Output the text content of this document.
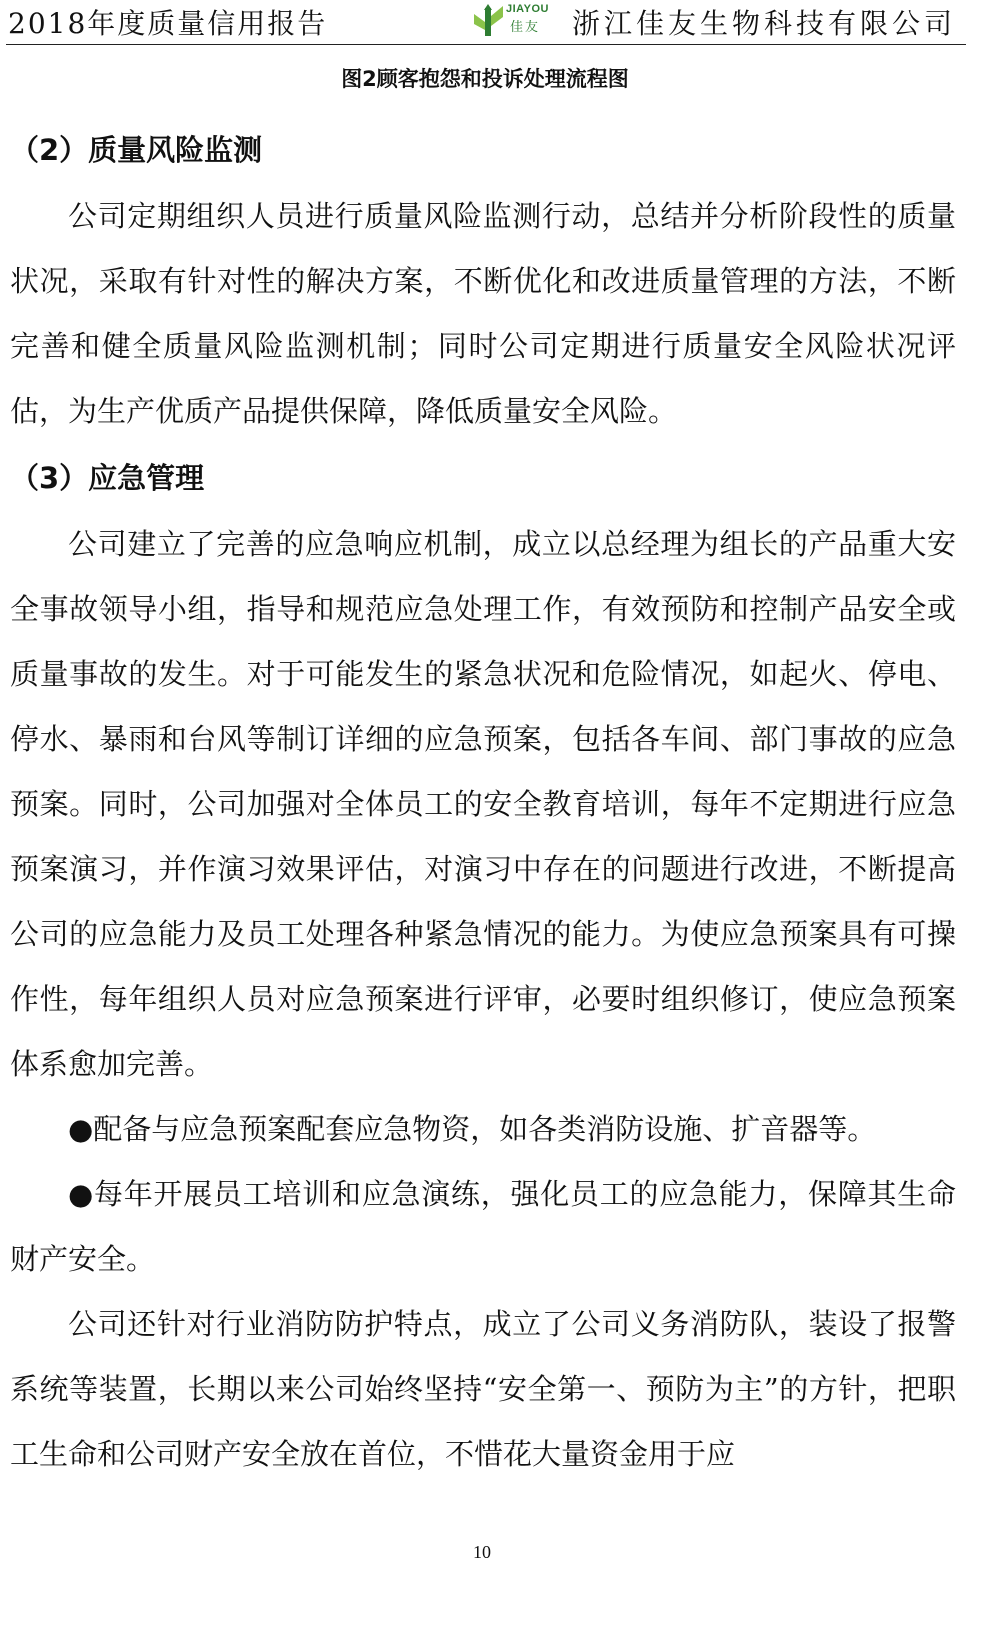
2018年度质量信用报告	JIAYOU
佳友 浙江佳友生物科技有限公司
图2顾客抱怨和投诉处理流程图
（2）质量风险监测

公司定期组织人员进行质量风险监测行动，总结并分析阶段性的质量状况，采取有针对性的解决方案，不断优化和改进质量管理的方法，不断完善和健全质量风险监测机制；同时公司定期进行质量安全风险状况评估，为生产优质产品提供保障，降低质量安全风险。

（3）应急管理

公司建立了完善的应急响应机制，成立以总经理为组长的产品重大安全事故领导小组，指导和规范应急处理工作，有效预防和控制产品安全或质量事故的发生。对于可能发生的紧急状况和危险情况，如起火、停电、停水、暴雨和台风等制订详细的应急预案，包括各车间、部门事故的应急预案。同时，公司加强对全体员工的安全教育培训，每年不定期进行应急预案演习，并作演习效果评估，对演习中存在的问题进行改进，不断提高公司的应急能力及员工处理各种紧急情况的能力。为使应急预案具有可操作性，每年组织人员对应急预案进行评审，必要时组织修订，使应急预案体系愈加完善。

●配备与应急预案配套应急物资，如各类消防设施、扩音器等。

●每年开展员工培训和应急演练，强化员工的应急能力，保障其生命财产安全。

公司还针对行业消防防护特点，成立了公司义务消防队，装设了报警系统等装置，长期以来公司始终坚持“安全第一、预防为主”的方针，把职工生命和公司财产安全放在首位，不惜花大量资金用于应

10
